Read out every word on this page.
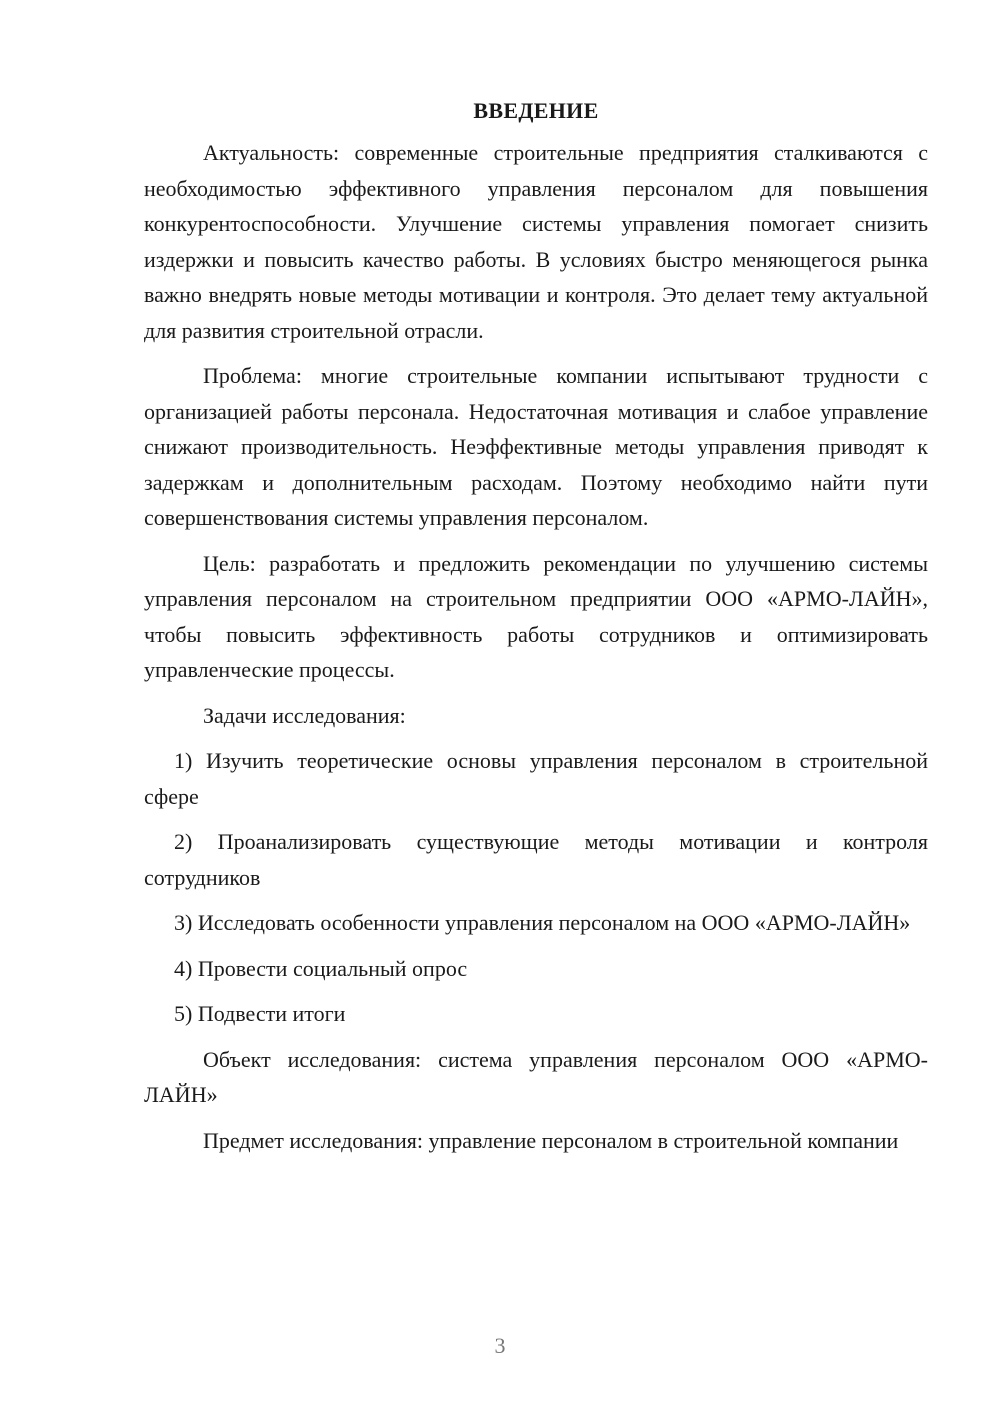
ВВЕДЕНИЕ

Актуальность: современные строительные предприятия сталкиваются с необходимостью эффективного управления персоналом для повышения конкурентоспособности. Улучшение системы управления помогает снизить издержки и повысить качество работы. В условиях быстро меняющегося рынка важно внедрять новые методы мотивации и контроля. Это делает тему актуальной для развития строительной отрасли.

Проблема: многие строительные компании испытывают трудности с организацией работы персонала. Недостаточная мотивация и слабое управление снижают производительность. Неэффективные методы управления приводят к задержкам и дополнительным расходам. Поэтому необходимо найти пути совершенствования системы управления персоналом.

Цель: разработать и предложить рекомендации по улучшению системы управления персоналом на строительном предприятии ООО «АРМО-ЛАЙН», чтобы повысить эффективность работы сотрудников и оптимизировать управленческие процессы.

Задачи исследования:

1) Изучить теоретические основы управления персоналом в строительной сфере

2) Проанализировать существующие методы мотивации и контроля сотрудников

3) Исследовать особенности управления персоналом на ООО «АРМО-ЛАЙН»

4) Провести социальный опрос

5) Подвести итоги

Объект исследования: система управления персоналом ООО «АРМО-ЛАЙН»

Предмет исследования: управление персоналом в строительной компании

3
